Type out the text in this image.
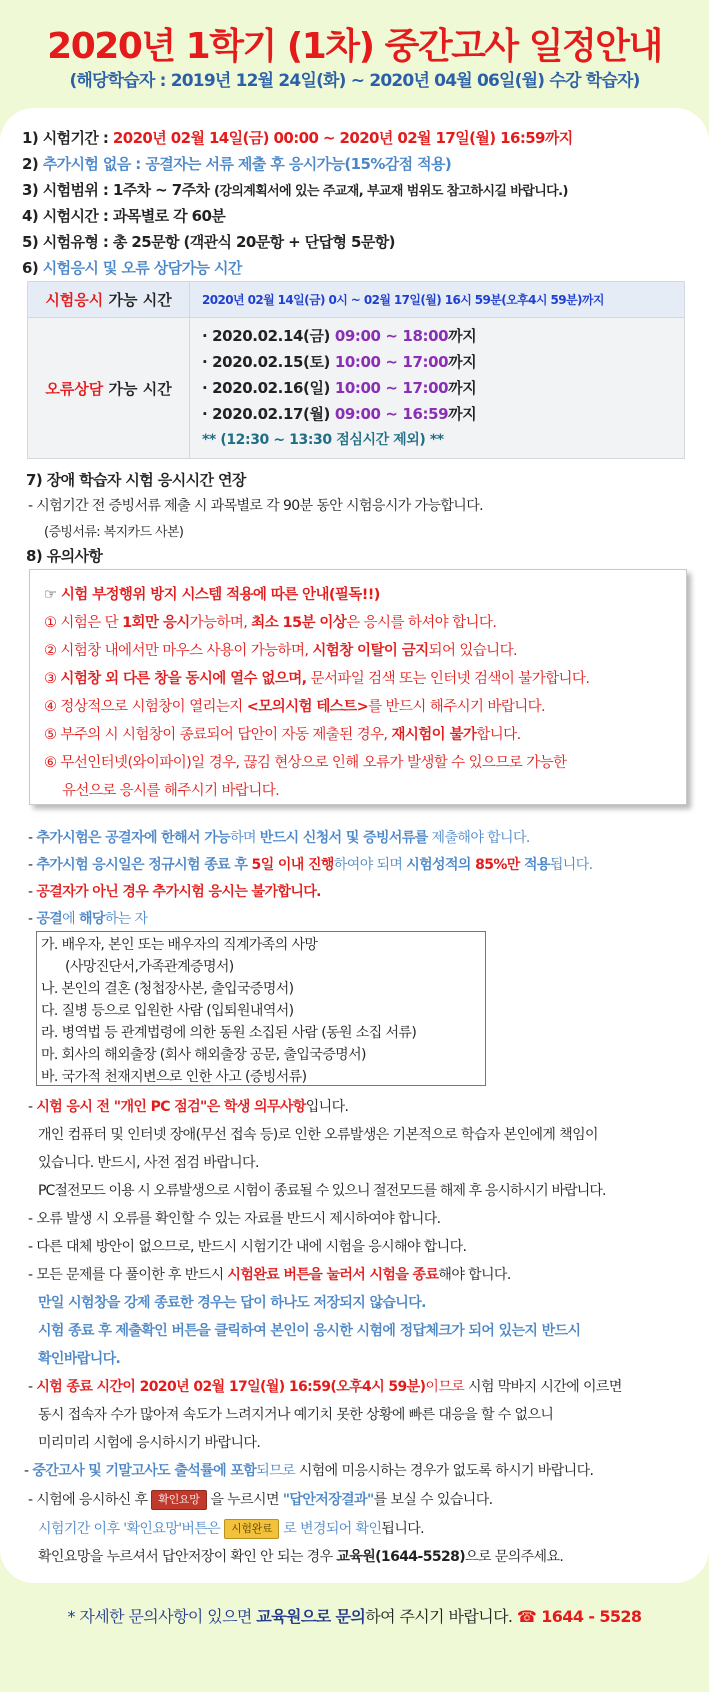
2020년 1학기 (1차) 중간고사 일정안내
(해당학습자 : 2019년 12월 24일(화) ~ 2020년 04월 06일(월) 수강 학습자)
1) 시험기간 : 2020년 02월 14일(금) 00:00 ~ 2020년 02월 17일(월) 16:59까지
2) 추가시험 없음 : 공결자는 서류 제출 후 응시가능(15%감점 적용)
3) 시험범위 : 1주차 ~ 7주차 (강의계획서에 있는 주교재, 부교재 범위도 참고하시길 바랍니다.)
4) 시험시간 : 과목별로 각 60분
5) 시험유형 : 총 25문항 (객관식 20문항 + 단답형 5문항)
6) 시험응시 및 오류 상담가능 시간
시험응시 가능 시간	2020년 02월 14일(금) 0시 ~ 02월 17일(월) 16시 59분(오후4시 59분)까지
오류상담 가능 시간	· 2020.02.14(금) 09:00 ~ 18:00까지
· 2020.02.15(토) 10:00 ~ 17:00까지
· 2020.02.16(일) 10:00 ~ 17:00까지
· 2020.02.17(월) 09:00 ~ 16:59까지
** (12:30 ~ 13:30 점심시간 제외) **
7) 장애 학습자 시험 응시시간 연장
- 시험기간 전 증빙서류 제출 시 과목별로 각 90분 동안 시험응시가 가능합니다.
(증빙서류: 복지카드 사본)
8) 유의사항
☞ 시험 부정행위 방지 시스템 적용에 따른 안내(필독!!)
① 시험은 단 1회만 응시가능하며, 최소 15분 이상은 응시를 하셔야 합니다.
② 시험창 내에서만 마우스 사용이 가능하며, 시험창 이탈이 금지되어 있습니다.
③ 시험창 외 다른 창을 동시에 열수 없으며, 문서파일 검색 또는 인터넷 검색이 불가합니다.
④ 정상적으로 시험창이 열리는지 <모의시험 테스트>를 반드시 해주시기 바랍니다.
⑤ 부주의 시 시험창이 종료되어 답안이 자동 제출된 경우, 재시험이 불가합니다.
⑥ 무선인터넷(와이파이)일 경우, 끊김 현상으로 인해 오류가 발생할 수 있으므로 가능한
유선으로 응시를 해주시기 바랍니다.
- 추가시험은 공결자에 한해서 가능하며 반드시 신청서 및 증빙서류를 제출해야 합니다.
- 추가시험 응시일은 정규시험 종료 후 5일 이내 진행하여야 되며 시험성적의 85%만 적용됩니다.
- 공결자가 아닌 경우 추가시험 응시는 불가합니다.
- 공결에 해당하는 자
가. 배우자, 본인 또는 배우자의 직계가족의 사망
(사망진단서,가족관계증명서)
나. 본인의 결혼 (청첩장사본, 출입국증명서)
다. 질병 등으로 입원한 사람 (입퇴원내역서)
라. 병역법 등 관계법령에 의한 동원 소집된 사람 (동원 소집 서류)
마. 회사의 해외출장 (회사 해외출장 공문, 출입국증명서)
바. 국가적 천재지변으로 인한 사고 (증빙서류)
- 시험 응시 전 "개인 PC 점검"은 학생 의무사항입니다.
개인 컴퓨터 및 인터넷 장애(무선 접속 등)로 인한 오류발생은 기본적으로 학습자 본인에게 책임이
있습니다. 반드시, 사전 점검 바랍니다.
PC절전모드 이용 시 오류발생으로 시험이 종료될 수 있으니 절전모드를 해제 후 응시하시기 바랍니다.
- 오류 발생 시 오류를 확인할 수 있는 자료를 반드시 제시하여야 합니다.
- 다른 대체 방안이 없으므로, 반드시 시험기간 내에 시험을 응시해야 합니다.
- 모든 문제를 다 풀이한 후 반드시 시험완료 버튼을 눌러서 시험을 종료해야 합니다.
만일 시험창을 강제 종료한 경우는 답이 하나도 저장되지 않습니다.
시험 종료 후 제출확인 버튼을 클릭하여 본인이 응시한 시험에 정답체크가 되어 있는지 반드시
확인바랍니다.
- 시험 종료 시간이 2020년 02월 17일(월) 16:59(오후4시 59분)이므로 시험 막바지 시간에 이르면
동시 접속자 수가 많아져 속도가 느려지거나 예기치 못한 상황에 빠른 대응을 할 수 없으니
미리미리 시험에 응시하시기 바랍니다.
- 중간고사 및 기말고사도 출석률에 포함되므로 시험에 미응시하는 경우가 없도록 하시기 바랍니다.
- 시험에 응시하신 후 확인요망 을 누르시면 "답안저장결과"를 보실 수 있습니다.
시험기간 이후 '확인요망'버튼은 시험완료 로 변경되어 확인됩니다.
확인요망을 누르셔서 답안저장이 확인 안 되는 경우 교육원(1644-5528)으로 문의주세요.
* 자세한 문의사항이 있으면 교육원으로 문의하여 주시기 바랍니다. ☎ 1644 - 5528
